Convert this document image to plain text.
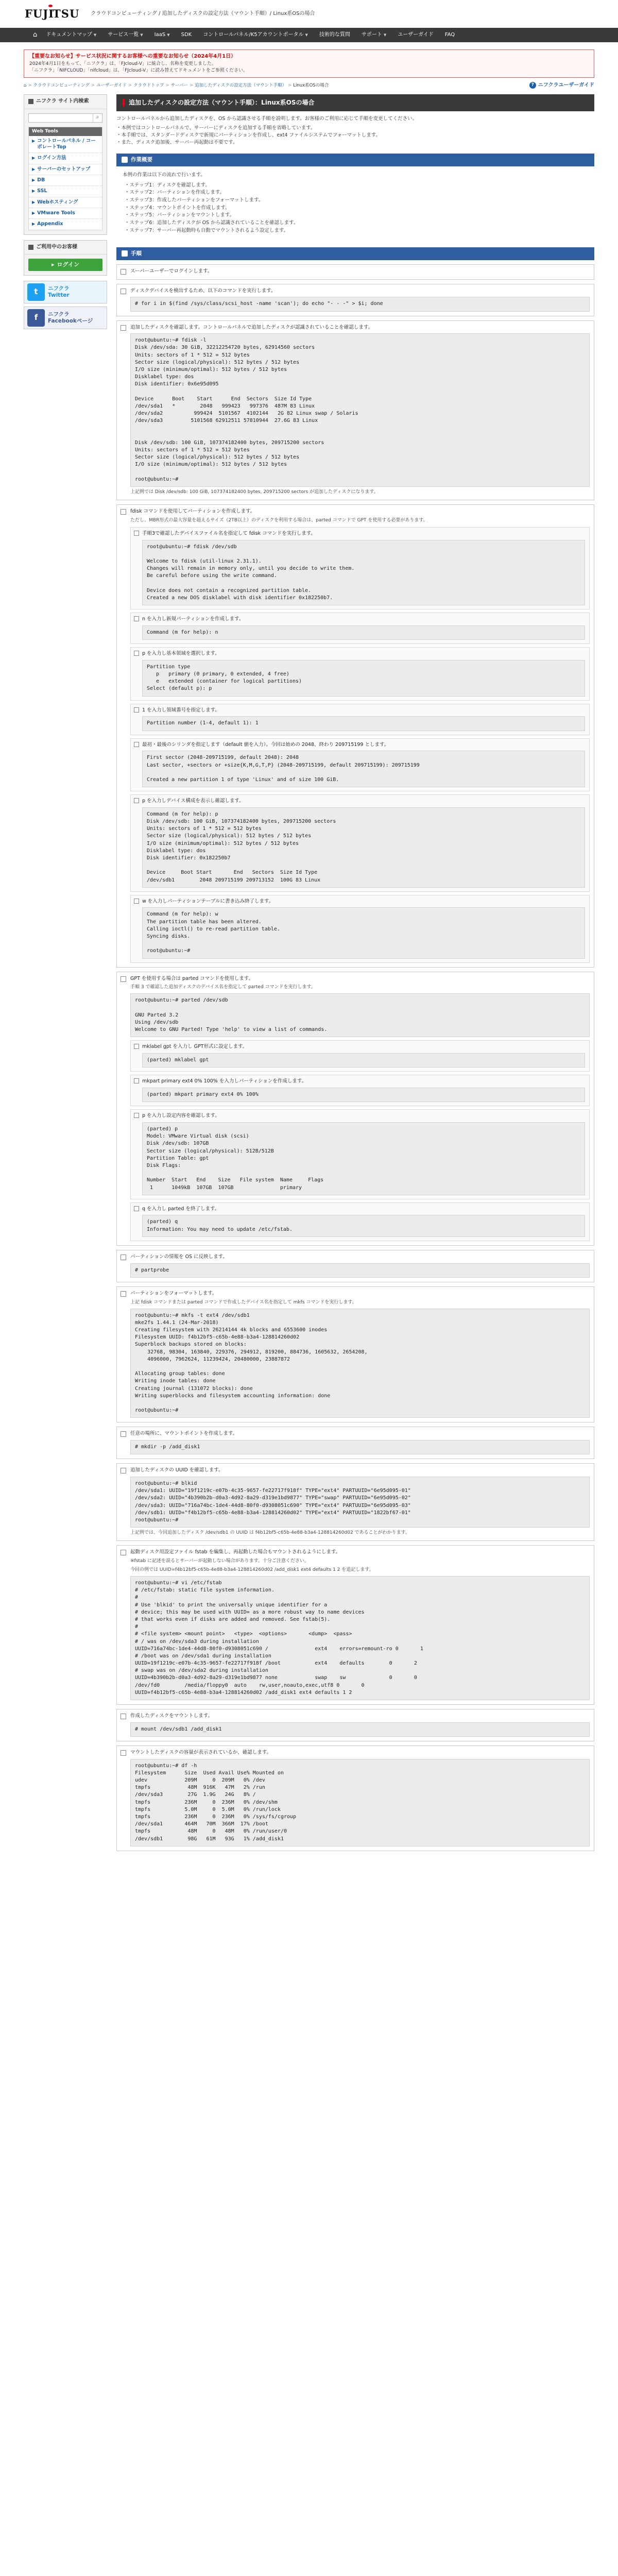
FUJI
TSU クラウドコンピューティング / 追加したディスクの設定方法（マウント手順）/ Linux系OSの場合
⌂	ドキュメントマップ ▼ サービス一覧 ▼ IaaS ▼ SDK コントロールパネル/K5アカウントポータル ▼ 技術的な質問 サポート ▼ ユーザーガイド FAQ
【重要なお知らせ】サービス状況に関するお客様への重要なお知らせ（2024年4月1日）
2024年4月1日をもって、「ニフクラ」は、「FJcloud-V」に統合し、名称を変更しました。
「ニフクラ」「NIFCLOUD」「nifcloud」は、「FJcloud-V」に読み替えてドキュメントをご参照ください。
⌂ > クラウドコンピューティング > ユーザーガイド > クラウドトップ > サーバー > 追加したディスクの設定方法（マウント手順） > Linux系OSの場合	? ニフクラユーザーガイド
ニフクラ サイト内検索
⌕
Web Tools
▶ コントロールパネル / コーポレートTop
▶ ログイン方法
▶ サーバーのセットアップ
▶ DB
▶ SSL
▶ Webホスティング
▶ VMware Tools
▶ Appendix
ご利用中のお客様
▸ ログイン
t	ニフクラ
Twitter
f	ニフクラ
Facebookページ
追加したディスクの設定方法（マウント手順）：Linux系OSの場合
コントロールパネルから追加したディスクを、OS から認識させる手順を説明します。お客様のご利用に応じて手順を変更してください。
・本例ではコントロールパネルで、サーバーにディスクを追加する手順を省略しています。
・本手順では、スタンダードディスクで新規にパーティションを作成し、ext4 ファイルシステムでフォーマットします。
・また、ディスク追加後、サーバー再起動は不要です。
作業概要

本例の作業は以下の流れで行います。

・ステップ1：ディスクを確認します。
・ステップ2：パーティションを作成します。
・ステップ3：作成したパーティションをフォーマットします。
・ステップ4：マウントポイントを作成します。
・ステップ5：パーティションをマウントします。
・ステップ6：追加したディスクが OS から認識されていることを確認します。
・ステップ7：サーバー再起動時も自動でマウントされるよう設定します。
手順
スーパーユーザーでログインします。
ディスクデバイスを検出するため、以下のコマンドを実行します。
# for i in $(find /sys/class/scsi_host -name 'scan'); do echo "- - -" > $i; done
追加したディスクを確認します。コントロールパネルで追加したディスクが認識されていることを確認します。
root@ubuntu:~# fdisk -l
Disk /dev/sda: 30 GiB, 32212254720 bytes, 62914560 sectors
Units: sectors of 1 * 512 = 512 bytes
Sector size (logical/physical): 512 bytes / 512 bytes
I/O size (minimum/optimal): 512 bytes / 512 bytes
Disklabel type: dos
Disk identifier: 0x6e95d095

Device      Boot    Start      End  Sectors  Size Id Type
/dev/sda1   *        2048   999423   997376  487M 83 Linux
/dev/sda2          999424  5101567  4102144   2G 82 Linux swap / Solaris
/dev/sda3         5101568 62912511 57810944  27.6G 83 Linux

Disk /dev/sdb: 100 GiB, 107374182400 bytes, 209715200 sectors
Units: sectors of 1 * 512 = 512 bytes
Sector size (logical/physical): 512 bytes / 512 bytes
I/O size (minimum/optimal): 512 bytes / 512 bytes

root@ubuntu:~#
上記例では Disk /dev/sdb: 100 GiB, 107374182400 bytes, 209715200 sectors が追加したディスクになります。
fdisk コマンドを使用してパーティションを作成します。
ただし、MBR形式の最大容量を超えるサイズ（2TB以上）のディスクを利用する場合は、parted コマンドで GPT を使用する必要があります。
手順3で確認したデバイスファイル名を指定して fdisk コマンドを実行します。
root@ubuntu:~# fdisk /dev/sdb

Welcome to fdisk (util-linux 2.31.1).
Changes will remain in memory only, until you decide to write them.
Be careful before using the write command.

Device does not contain a recognized partition table.
Created a new DOS disklabel with disk identifier 0x182250b7.
n を入力し新規パーティションを作成します。
Command (m for help): n
p を入力し基本領域を選択します。
Partition type
p   primary (0 primary, 0 extended, 4 free)
e   extended (container for logical partitions)
Select (default p): p
1 を入力し領域番号を指定します。
Partition number (1-4, default 1): 1
最初・最後のシリンダを指定します（default 値を入力）。今回は始めの 2048、終わり 209715199 とします。
First sector (2048-209715199, default 2048): 2048
Last sector, +sectors or +size{K,M,G,T,P} (2048-209715199, default 209715199): 209715199

Created a new partition 1 of type 'Linux' and of size 100 GiB.
p を入力しデバイス構成を表示し確認します。
Command (m for help): p
Disk /dev/sdb: 100 GiB, 107374182400 bytes, 209715200 sectors
Units: sectors of 1 * 512 = 512 bytes
Sector size (logical/physical): 512 bytes / 512 bytes
I/O size (minimum/optimal): 512 bytes / 512 bytes
Disklabel type: dos
Disk identifier: 0x182250b7

Device     Boot Start       End   Sectors  Size Id Type
/dev/sdb1        2048 209715199 209713152  100G 83 Linux
w を入力しパーティションテーブルに書き込み終了します。
Command (m for help): w
The partition table has been altered.
Calling ioctl() to re-read partition table.
Syncing disks.

root@ubuntu:~#
GPT を使用する場合は parted コマンドを使用します。
手順 3 で確認した追加ディスクのデバイス名を指定して parted コマンドを実行します。
root@ubuntu:~# parted /dev/sdb

GNU Parted 3.2
Using /dev/sdb
Welcome to GNU Parted! Type 'help' to view a list of commands.
mklabel gpt を入力し GPT形式に設定します。
(parted) mklabel gpt
mkpart primary ext4 0% 100% を入力しパーティションを作成します。
(parted) mkpart primary ext4 0% 100%
p を入力し設定内容を確認します。
(parted) p
Model: VMware Virtual disk (scsi)
Disk /dev/sdb: 107GB
Sector size (logical/physical): 512B/512B
Partition Table: gpt
Disk Flags:

Number  Start   End    Size   File system  Name     Flags
1      1049kB  107GB  107GB               primary
q を入力し parted を終了します。
(parted) q
Information: You may need to update /etc/fstab.
パーティションの情報を OS に反映します。
# partprobe
パーティションをフォーマットします。
上記 fdisk コマンドまたは parted コマンドで作成したデバイス名を指定して mkfs コマンドを実行します。
root@ubuntu:~# mkfs -t ext4 /dev/sdb1
mke2fs 1.44.1 (24-Mar-2018)
Creating filesystem with 26214144 4k blocks and 6553600 inodes
Filesystem UUID: f4b12bf5-c65b-4e88-b3a4-128814260d02
Superblock backups stored on blocks:
32768, 98304, 163840, 229376, 294912, 819200, 884736, 1605632, 2654208,
4096000, 7962624, 11239424, 20480000, 23887872

Allocating group tables: done
Writing inode tables: done
Creating journal (131072 blocks): done
Writing superblocks and filesystem accounting information: done

root@ubuntu:~#
任意の場所に、マウントポイントを作成します。
# mkdir -p /add_disk1
追加したディスクの UUID を確認します。
root@ubuntu:~# blkid
/dev/sda1: UUID="19f1219c-e07b-4c35-9657-fe22717f918f" TYPE="ext4" PARTUUID="6e95d095-01"
/dev/sda2: UUID="4b390b2b-d0a3-4d92-8a29-d319e1bd9877" TYPE="swap" PARTUUID="6e95d095-02"
/dev/sda3: UUID="716a74bc-1de4-44d8-80f0-d9308051c690" TYPE="ext4" PARTUUID="6e95d095-03"
/dev/sdb1: UUID="f4b12bf5-c65b-4e88-b3a4-128814260d02" TYPE="ext4" PARTUUID="1822bf67-01"
root@ubuntu:~#
上記例では、今回追加したディスク /dev/sdb1 の UUID は f4b12bf5-c65b-4e88-b3a4-128814260d02 であることがわかります。
起動ディスク用設定ファイル fstab を編集し、再起動した場合もマウントされるようにします。
※fstab に記述を誤るとサーバーが起動しない場合があります。十分ご注意ください。
今回の例では UUID=f4b12bf5-c65b-4e88-b3a4-128814260d02 /add_disk1 ext4 defaults 1 2 を追記します。
root@ubuntu:~# vi /etc/fstab
# /etc/fstab: static file system information.
#
# Use 'blkid' to print the universally unique identifier for a
# device; this may be used with UUID= as a more robust way to name devices
# that works even if disks are added and removed. See fstab(5).
#
# <file system> <mount point>   <type>  <options>       <dump>  <pass>
# / was on /dev/sda3 during installation
UUID=716a74bc-1de4-44d8-80f0-d9308051c690 /               ext4    errors=remount-ro 0       1
# /boot was on /dev/sda1 during installation
UUID=19f1219c-e07b-4c35-9657-fe22717f918f /boot           ext4    defaults        0       2
# swap was on /dev/sda2 during installation
UUID=4b390b2b-d0a3-4d92-8a29-d319e1bd9877 none            swap    sw              0       0
/dev/fd0        /media/floppy0  auto    rw,user,noauto,exec,utf8 0       0
UUID=f4b12bf5-c65b-4e88-b3a4-128814260d02 /add_disk1 ext4 defaults 1 2
作成したディスクをマウントします。
# mount /dev/sdb1 /add_disk1
マウントしたディスクの容量が表示されているか、確認します。
root@ubuntu:~# df -h
Filesystem      Size  Used Avail Use% Mounted on
udev            209M     0  209M   0% /dev
tmpfs            48M  916K   47M   2% /run
/dev/sda3        27G  1.9G   24G   8% /
tmpfs           236M     0  236M   0% /dev/shm
tmpfs           5.0M     0  5.0M   0% /run/lock
tmpfs           236M     0  236M   0% /sys/fs/cgroup
/dev/sda1       464M   70M  366M  17% /boot
tmpfs            48M     0   48M   0% /run/user/0
/dev/sdb1        98G   61M   93G   1% /add_disk1
